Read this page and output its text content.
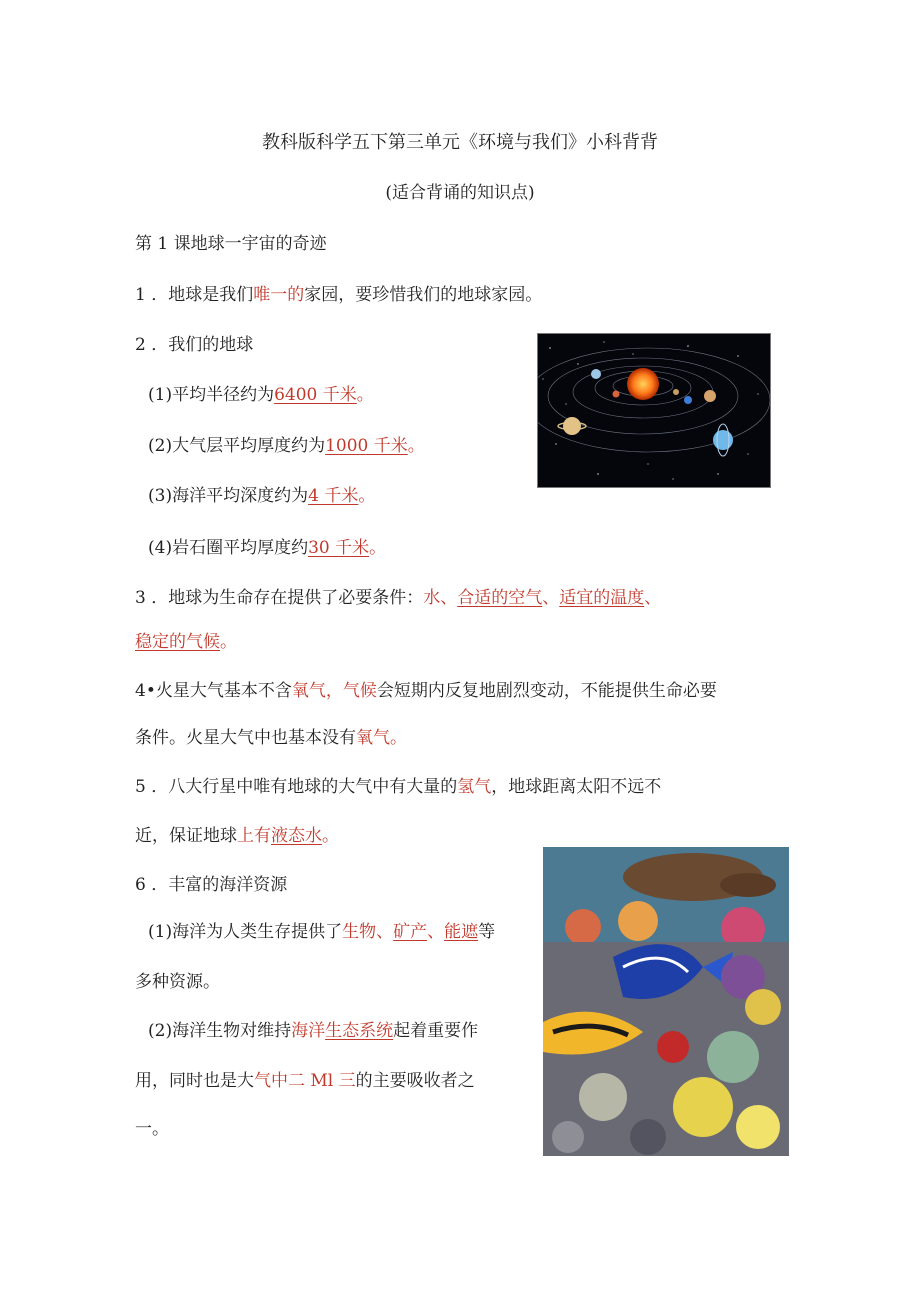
教科版科学五下第三单元《环境与我们》小科背背
(适合背诵的知识点)
第 1 课地球一宇宙的奇迹
1 ．地球是我们唯一的家园，要珍惜我们的地球家园。
2 ．我们的地球
(1)平均半径约为6400 千米。
(2)大气层平均厚度约为1000 千米。
(3)海洋平均深度约为4 千米。
(4)岩石圈平均厚度约30 千米。
3 ．地球为生命存在提供了必要条件：水、合适的空气、适宜的温度、
稳定的气候。
4•火星大气基本不含氧气，气候会短期内反复地剧烈变动，不能提供生命必要
条件。火星大气中也基本没有氧气。
5 ．八大行星中唯有地球的大气中有大量的氢气，地球距离太阳不远不
近，保证地球上有液态水。
6 ．丰富的海洋资源
(1)海洋为人类生存提供了生物、矿产、能遮等
多种资源。
(2)海洋生物对维持海洋生态系统起着重要作
用，同时也是大气中二 Ml 三的主要吸收者之
一。
